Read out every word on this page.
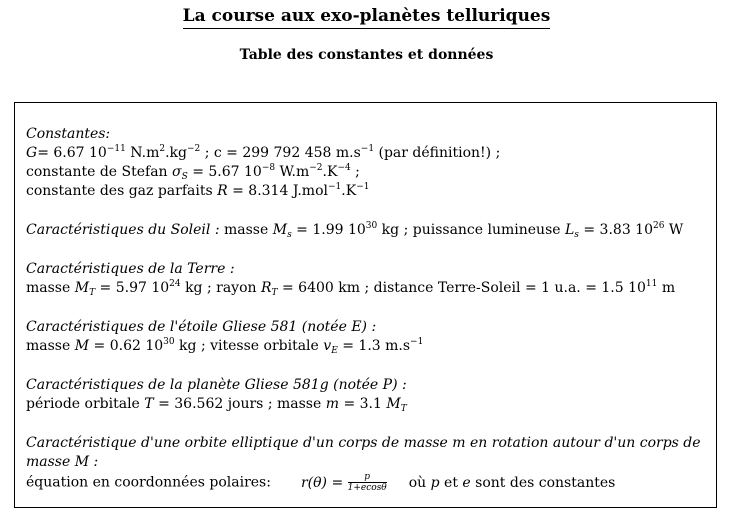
La course aux exo-planètes telluriques
Table des constantes et données
Constantes:
G= 6.67 $10^{-11}$ $N.m^2.kg^{-2}$ ; c = 299 792 458 $m.s^{-1}$ (par définition!) ;
constante de Stefan $\sigma_S = 5.67$ $10^{-8}$ $W.m^{-2}.K^{-4}$ ;
constante des gaz parfaits R = 8.314 $J.mol^{-1}.K^{-1}$
Caractéristiques du Soleil : masse $M_s = 1.99$ $10^{30}$ kg ; puissance lumineuse $L_s = 3.83$ $10^{26}$ W
Caractéristiques de la Terre :
masse $M_T = 5.97$ $10^{24}$ kg ; rayon $R_T = 6400$ km ; distance Terre-Soleil = 1 u.a. = 1.5 $10^{11}$ m
Caractéristiques de l'étoile Gliese 581 (notée E) :
masse M = 0.62 $10^{30}$ kg ; vitesse orbitale $v_E = 1.3$ $m.s^{-1}$
Caractéristiques de la planète Gliese 581g (notée P) :
période orbitale T = 36.562 jours ; masse m = 3.1 $M_T$
Caractéristique d'une orbite elliptique d'un corps de masse m en rotation autour d'un corps de masse M :
équation en coordonnées polaires: $r(\theta) = \frac{p}{1+ecos\theta}$ où p et e sont des constantes
